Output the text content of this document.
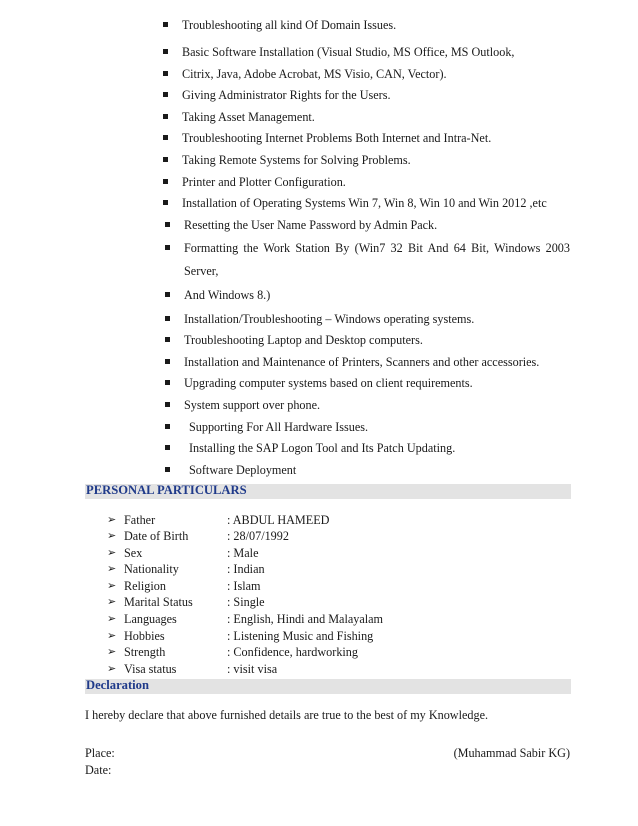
Troubleshooting all kind Of Domain Issues.
Basic Software Installation (Visual Studio, MS Office, MS Outlook,
Citrix, Java, Adobe Acrobat, MS Visio, CAN, Vector).
Giving Administrator Rights for the Users.
Taking Asset Management.
Troubleshooting Internet Problems Both Internet and Intra-Net.
Taking Remote Systems for Solving Problems.
Printer and Plotter Configuration.
Installation of Operating Systems Win 7, Win 8, Win 10 and Win 2012 ,etc
Resetting the User Name Password by Admin Pack.
Formatting the Work Station By (Win7 32 Bit And 64 Bit, Windows 2003
Server,
And Windows 8.)
Installation/Troubleshooting – Windows operating systems.
Troubleshooting Laptop and Desktop computers.
Installation and Maintenance of Printers, Scanners and other accessories.
Upgrading computer systems based on client requirements.
System support over phone.
Supporting For All Hardware Issues.
Installing the SAP Logon Tool and Its Patch Updating.
Software Deployment
PERSONAL PARTICULARS
➢ Father	: ABDUL HAMEED
➢ Date of Birth	: 28/07/1992
➢ Sex	: Male
➢ Nationality	: Indian
➢ Religion	: Islam
➢ Marital Status	: Single
➢ Languages	: English, Hindi and Malayalam
➢ Hobbies	: Listening Music and Fishing
➢ Strength	: Confidence, hardworking
➢ Visa status	: visit visa
Declaration
I hereby declare that above furnished details are true to the best of my Knowledge.
Place:
Date:
(Muhammad Sabir KG)
